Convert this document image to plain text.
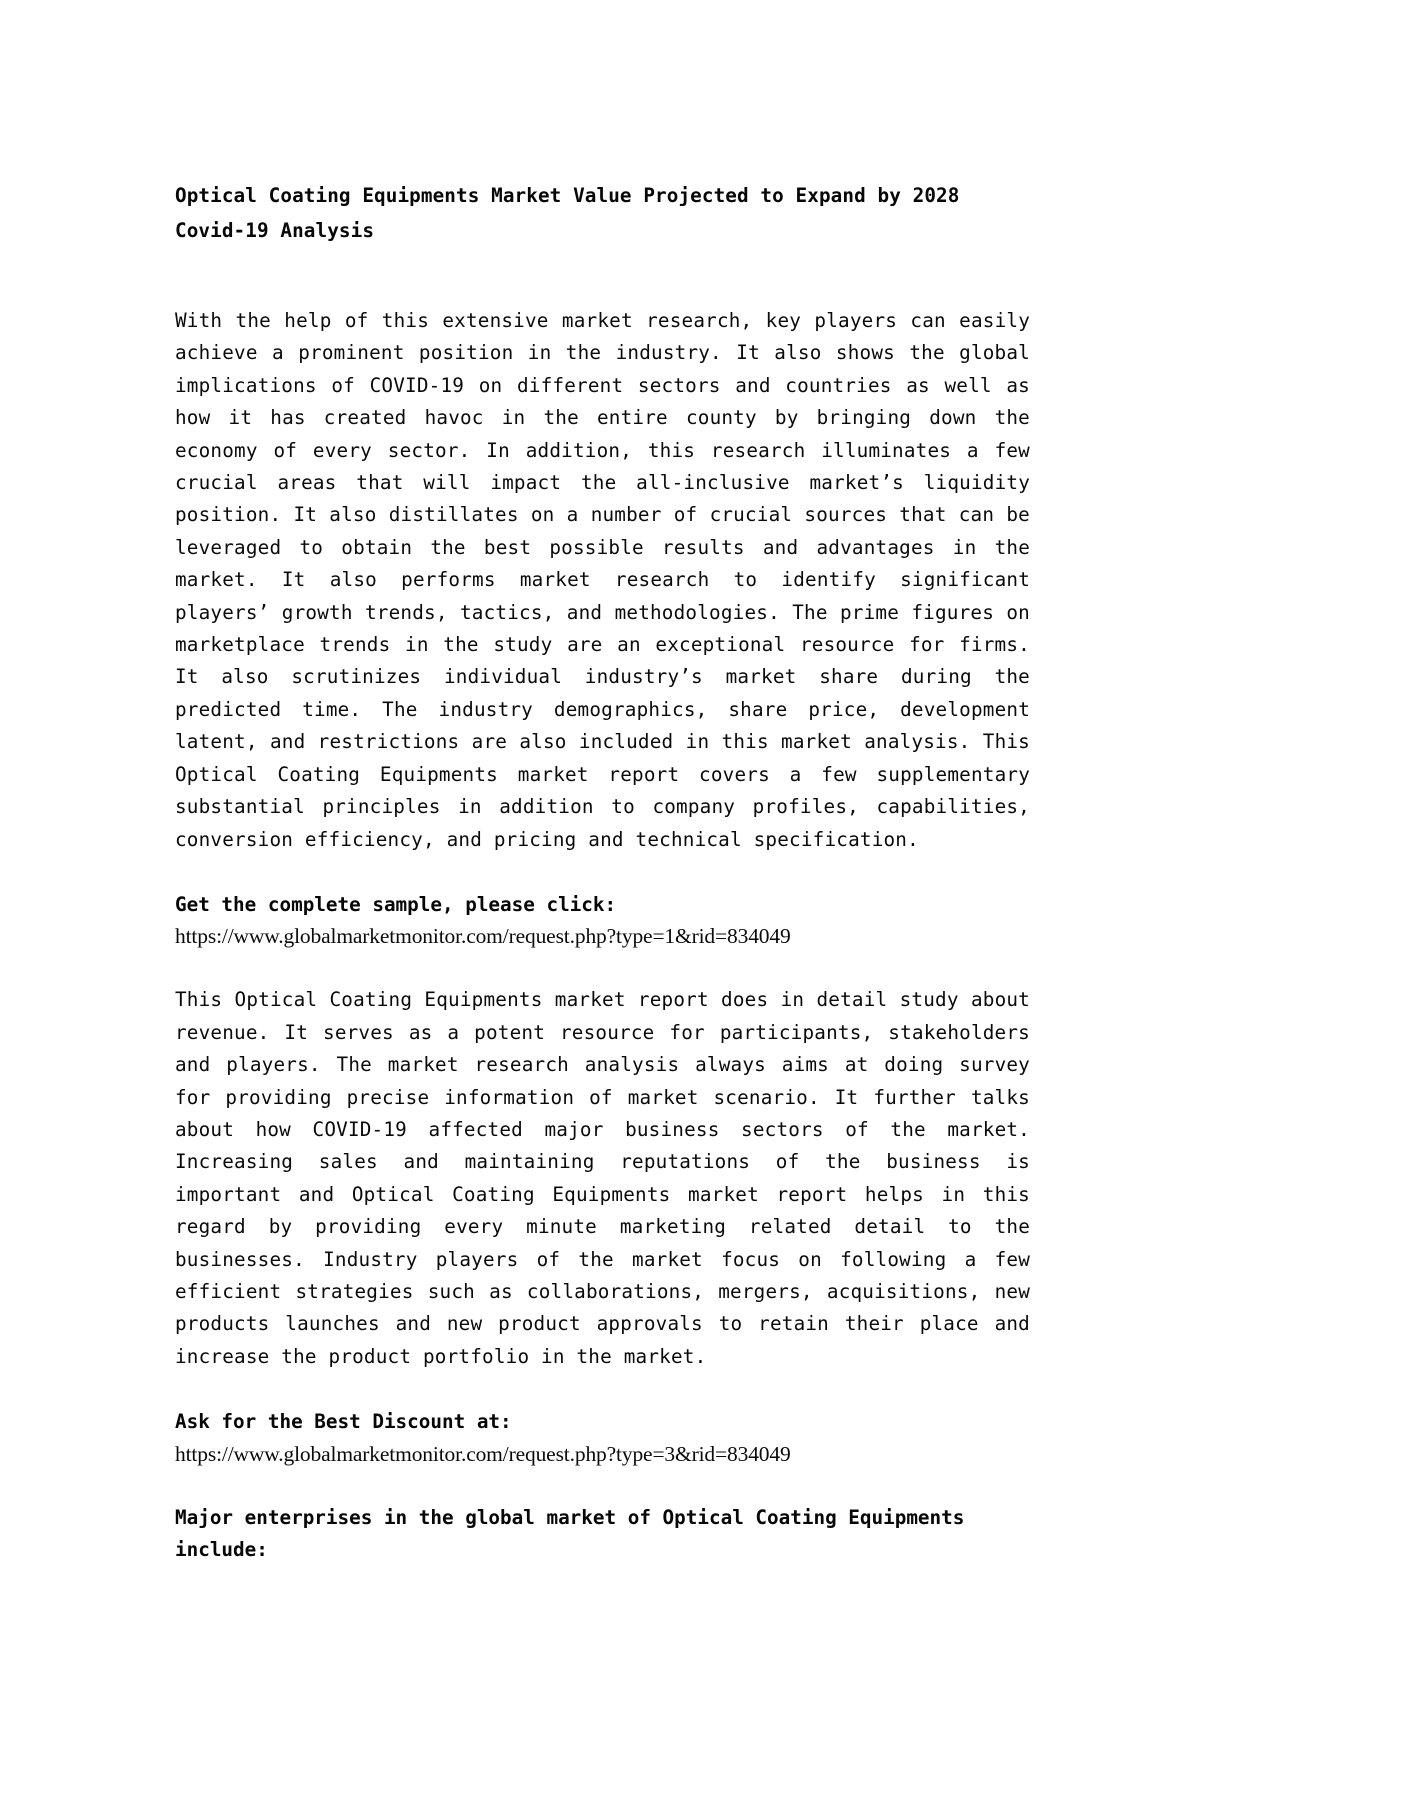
Optical Coating Equipments Market Value Projected to Expand by 2028 Covid-19 Analysis

With the help of this extensive market research, key players can easily achieve a prominent position in the industry. It also shows the global implications of COVID-19 on different sectors and countries as well as how it has created havoc in the entire county by bringing down the economy of every sector. In addition, this research illuminates a few crucial areas that will impact the all-inclusive market’s liquidity position. It also distillates on a number of crucial sources that can be leveraged to obtain the best possible results and advantages in the market. It also performs market research to identify significant players’ growth trends, tactics, and methodologies. The prime figures on marketplace trends in the study are an exceptional resource for firms. It also scrutinizes individual industry’s market share during the predicted time. The industry demographics, share price, development latent, and restrictions are also included in this market analysis. This Optical Coating Equipments market report covers a few supplementary substantial principles in addition to company profiles, capabilities, conversion efficiency, and pricing and technical specification.

Get the complete sample, please click:

https://www.globalmarketmonitor.com/request.php?type=1&rid=834049

This Optical Coating Equipments market report does in detail study about revenue. It serves as a potent resource for participants, stakeholders and players. The market research analysis always aims at doing survey for providing precise information of market scenario. It further talks about how COVID-19 affected major business sectors of the market. Increasing sales and maintaining reputations of the business is important and Optical Coating Equipments market report helps in this regard by providing every minute marketing related detail to the businesses. Industry players of the market focus on following a few efficient strategies such as collaborations, mergers, acquisitions, new products launches and new product approvals to retain their place and increase the product portfolio in the market.

Ask for the Best Discount at:

https://www.globalmarketmonitor.com/request.php?type=3&rid=834049

Major enterprises in the global market of Optical Coating Equipments include:
